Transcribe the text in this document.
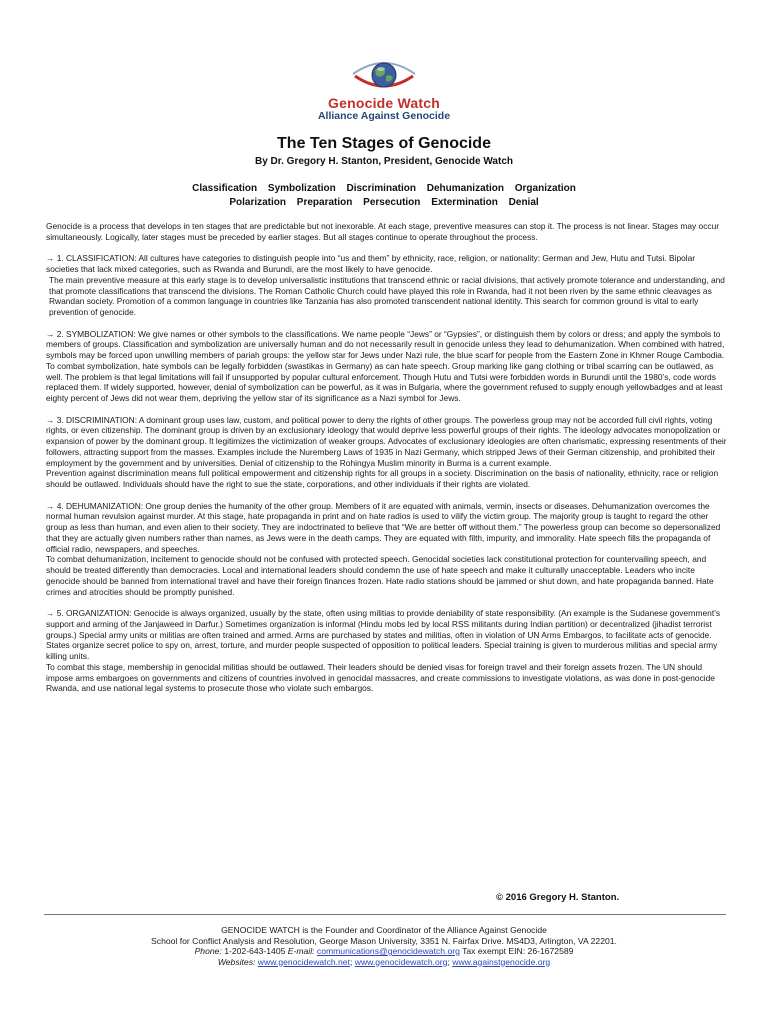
Genocide Watch
Alliance Against Genocide
The Ten Stages of Genocide
By Dr. Gregory H. Stanton, President, Genocide Watch
Classification Symbolization Discrimination Dehumanization Organization
Polarization Preparation Persecution Extermination Denial

Genocide is a process that develops in ten stages that are predictable but not inexorable. At each stage, preventive measures can stop it. The process is not linear. Stages may occur simultaneously. Logically, later stages must be preceded by earlier stages. But all stages continue to operate throughout the process.

→ 1. CLASSIFICATION: All cultures have categories to distinguish people into “us and them” by ethnicity, race, religion, or nationality: German and Jew, Hutu and Tutsi. Bipolar societies that lack mixed categories, such as Rwanda and Burundi, are the most likely to have genocide.

The main preventive measure at this early stage is to develop universalistic institutions that transcend ethnic or racial divisions, that actively promote tolerance and understanding, and that promote classifications that transcend the divisions. The Roman Catholic Church could have played this role in Rwanda, had it not been riven by the same ethnic cleavages as Rwandan society. Promotion of a common language in countries like Tanzania has also promoted transcendent national identity. This search for common ground is vital to early prevention of genocide.

→ 2. SYMBOLIZATION: We give names or other symbols to the classifications. We name people “Jews” or “Gypsies”, or distinguish them by colors or dress; and apply the symbols to members of groups. Classification and symbolization are universally human and do not necessarily result in genocide unless they lead to dehumanization. When combined with hatred, symbols may be forced upon unwilling members of pariah groups: the yellow star for Jews under Nazi rule, the blue scarf for people from the Eastern Zone in Khmer Rouge Cambodia.

To combat symbolization, hate symbols can be legally forbidden (swastikas in Germany) as can hate speech. Group marking like gang clothing or tribal scarring can be outlawed, as well. The problem is that legal limitations will fail if unsupported by popular cultural enforcement. Though Hutu and Tutsi were forbidden words in Burundi until the 1980’s, code words replaced them. If widely supported, however, denial of symbolization can be powerful, as it was in Bulgaria, where the government refused to supply enough yellowbadges and at least eighty percent of Jews did not wear them, depriving the yellow star of its significance as a Nazi symbol for Jews.

→ 3. DISCRIMINATION: A dominant group uses law, custom, and political power to deny the rights of other groups. The powerless group may not be accorded full civil rights, voting rights, or even citizenship. The dominant group is driven by an exclusionary ideology that would deprive less powerful groups of their rights. The ideology advocates monopolization or expansion of power by the dominant group. It legitimizes the victimization of weaker groups. Advocates of exclusionary ideologies are often charismatic, expressing resentments of their followers, attracting support from the masses. Examples include the Nuremberg Laws of 1935 in Nazi Germany, which stripped Jews of their German citizenship, and prohibited their employment by the government and by universities. Denial of citizenship to the Rohingya Muslim minority in Burma is a current example.

Prevention against discrimination means full political empowerment and citizenship rights for all groups in a society. Discrimination on the basis of nationality, ethnicity, race or religion should be outlawed. Individuals should have the right to sue the state, corporations, and other individuals if their rights are violated.

→ 4. DEHUMANIZATION: One group denies the humanity of the other group. Members of it are equated with animals, vermin, insects or diseases. Dehumanization overcomes the normal human revulsion against murder. At this stage, hate propaganda in print and on hate radios is used to vilify the victim group. The majority group is taught to regard the other group as less than human, and even alien to their society. They are indoctrinated to believe that “We are better off without them.” The powerless group can become so depersonalized that they are actually given numbers rather than names, as Jews were in the death camps. They are equated with filth, impurity, and immorality. Hate speech fills the propaganda of official radio, newspapers, and speeches.

To combat dehumanization, incitement to genocide should not be confused with protected speech. Genocidal societies lack constitutional protection for countervailing speech, and should be treated differently than democracies. Local and international leaders should condemn the use of hate speech and make it culturally unacceptable. Leaders who incite genocide should be banned from international travel and have their foreign finances frozen. Hate radio stations should be jammed or shut down, and hate propaganda banned. Hate crimes and atrocities should be promptly punished.

→ 5. ORGANIZATION: Genocide is always organized, usually by the state, often using militias to provide deniability of state responsibility. (An example is the Sudanese government’s support and arming of the Janjaweed in Darfur.) Sometimes organization is informal (Hindu mobs led by local RSS militants during Indian partition) or decentralized (jihadist terrorist groups.) Special army units or militias are often trained and armed. Arms are purchased by states and militias, often in violation of UN Arms Embargos, to facilitate acts of genocide. States organize secret police to spy on, arrest, torture, and murder people suspected of opposition to political leaders. Special training is given to murderous militias and special army killing units.

To combat this stage, membership in genocidal militias should be outlawed. Their leaders should be denied visas for foreign travel and their foreign assets frozen. The UN should impose arms embargoes on governments and citizens of countries involved in genocidal massacres, and create commissions to investigate violations, as was done in post-genocide Rwanda, and use national legal systems to prosecute those who violate such embargos.

© 2016 Gregory H. Stanton.
GENOCIDE WATCH is the Founder and Coordinator of the Alliance Against Genocide
School for Conflict Analysis and Resolution, George Mason University, 3351 N. Fairfax Drive. MS4D3, Arlington, VA 22201.
Phone: 1-202-643-1405 E-mail: communications@genocidewatch.org Tax exempt EIN: 26-1672589
Websites: www.genocidewatch.net; www.genocidewatch.org; www.againstgenocide.org
